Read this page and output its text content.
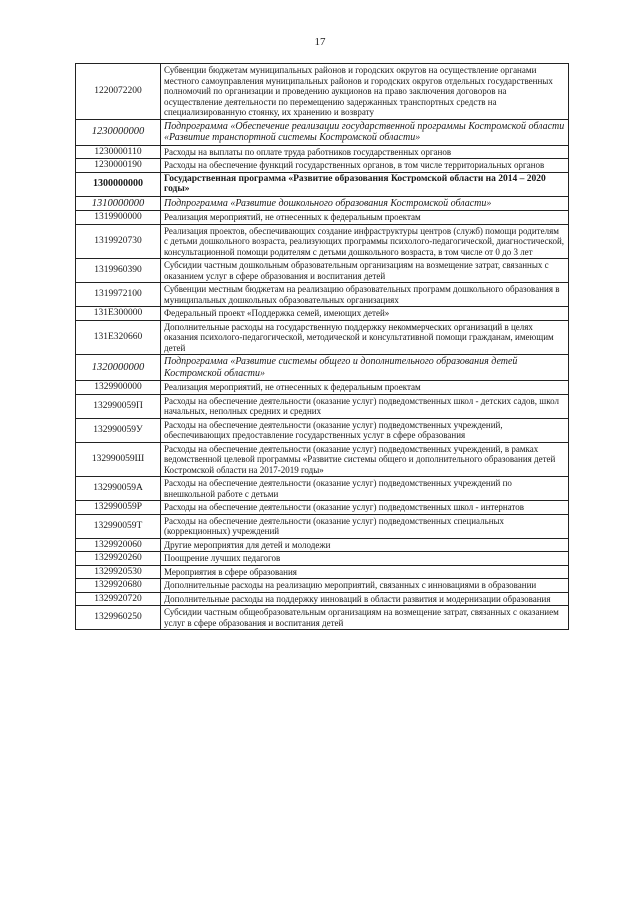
17
1220072200	Субвенции бюджетам муниципальных районов и городских округов на осуществление органами местного самоуправления муниципальных районов и городских округов отдельных государственных полномочий по организации и проведению аукционов на право заключения договоров на осуществление деятельности по перемещению задержанных транспортных средств на специализированную стоянку, их хранению и возврату
1230000000	Подпрограмма «Обеспечение реализации государственной программы Костромской области «Развитие транспортной системы Костромской области»
1230000110	Расходы на выплаты по оплате труда работников государственных органов
1230000190	Расходы на обеспечение функций государственных органов, в том числе территориальных органов
1300000000	Государственная программа «Развитие образования Костромской области на 2014 – 2020 годы»
1310000000	Подпрограмма «Развитие дошкольного образования Костромской области»
1319900000	Реализация мероприятий, не отнесенных к федеральным проектам
1319920730	Реализация проектов, обеспечивающих создание инфраструктуры центров (служб) помощи родителям с детьми дошкольного возраста, реализующих программы психолого-педагогической, диагностической, консультационной помощи родителям с детьми дошкольного возраста, в том числе от 0 до 3 лет
1319960390	Субсидии частным дошкольным образовательным организациям на возмещение затрат, связанных с оказанием услуг в сфере образования и воспитания детей
1319972100	Субвенции местным бюджетам на реализацию образовательных программ дошкольного образования в муниципальных дошкольных образовательных организациях
131Е300000	Федеральный проект «Поддержка семей, имеющих детей»
131Е320660	Дополнительные расходы на государственную поддержку некоммерческих организаций в целях оказания психолого-педагогической, методической и консультативной помощи гражданам, имеющим детей
1320000000	Подпрограмма «Развитие системы общего и дополнительного образования детей Костромской области»
1329900000	Реализация мероприятий, не отнесенных к федеральным проектам
132990059П	Расходы на обеспечение деятельности (оказание услуг) подведомственных школ - детских садов, школ начальных, неполных средних и средних
132990059У	Расходы на обеспечение деятельности (оказание услуг) подведомственных учреждений, обеспечивающих предоставление государственных услуг в сфере образования
132990059Ш	Расходы на обеспечение деятельности (оказание услуг) подведомственных учреждений, в рамках ведомственной целевой программы «Развитие системы общего и дополнительного образования детей Костромской области на 2017-2019 годы»
132990059А	Расходы на обеспечение деятельности (оказание услуг) подведомственных учреждений по внешкольной работе с детьми
132990059Р	Расходы на обеспечение деятельности (оказание услуг) подведомственных школ - интернатов
132990059Т	Расходы на обеспечение деятельности (оказание услуг) подведомственных специальных (коррекционных) учреждений
1329920060	Другие мероприятия для детей и молодежи
1329920260	Поощрение лучших педагогов
1329920530	Мероприятия в сфере образования
1329920680	Дополнительные расходы на реализацию мероприятий, связанных с инновациями в образовании
1329920720	Дополнительные расходы на поддержку инноваций в области развития и модернизации образования
1329960250	Субсидии частным общеобразовательным организациям на возмещение затрат, связанных с оказанием услуг в сфере образования и воспитания детей
